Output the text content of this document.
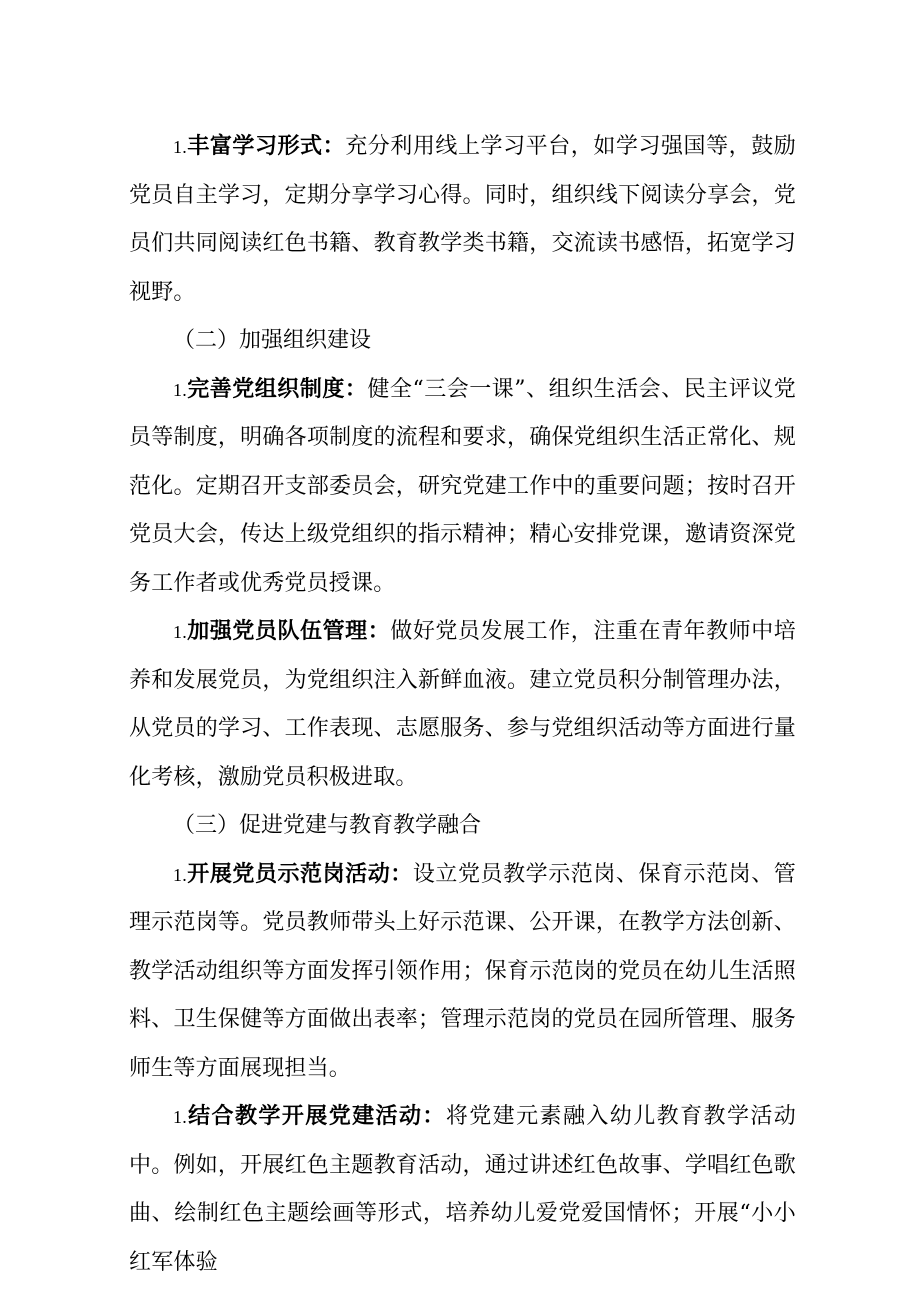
1.丰富学习形式：充分利用线上学习平台，如学习强国等，鼓励党员自主学习，定期分享学习心得。同时，组织线下阅读分享会，党员们共同阅读红色书籍、教育教学类书籍，交流读书感悟，拓宽学习视野。

（二）加强组织建设

1.完善党组织制度：健全“三会一课”、组织生活会、民主评议党员等制度，明确各项制度的流程和要求，确保党组织生活正常化、规范化。定期召开支部委员会，研究党建工作中的重要问题；按时召开党员大会，传达上级党组织的指示精神；精心安排党课，邀请资深党务工作者或优秀党员授课。

1.加强党员队伍管理：做好党员发展工作，注重在青年教师中培养和发展党员，为党组织注入新鲜血液。建立党员积分制管理办法，从党员的学习、工作表现、志愿服务、参与党组织活动等方面进行量化考核，激励党员积极进取。

（三）促进党建与教育教学融合

1.开展党员示范岗活动：设立党员教学示范岗、保育示范岗、管理示范岗等。党员教师带头上好示范课、公开课，在教学方法创新、教学活动组织等方面发挥引领作用；保育示范岗的党员在幼儿生活照料、卫生保健等方面做出表率；管理示范岗的党员在园所管理、服务师生等方面展现担当。

1.结合教学开展党建活动：将党建元素融入幼儿教育教学活动中。例如，开展红色主题教育活动，通过讲述红色故事、学唱红色歌曲、绘制红色主题绘画等形式，培养幼儿爱党爱国情怀；开展“小小红军体验
